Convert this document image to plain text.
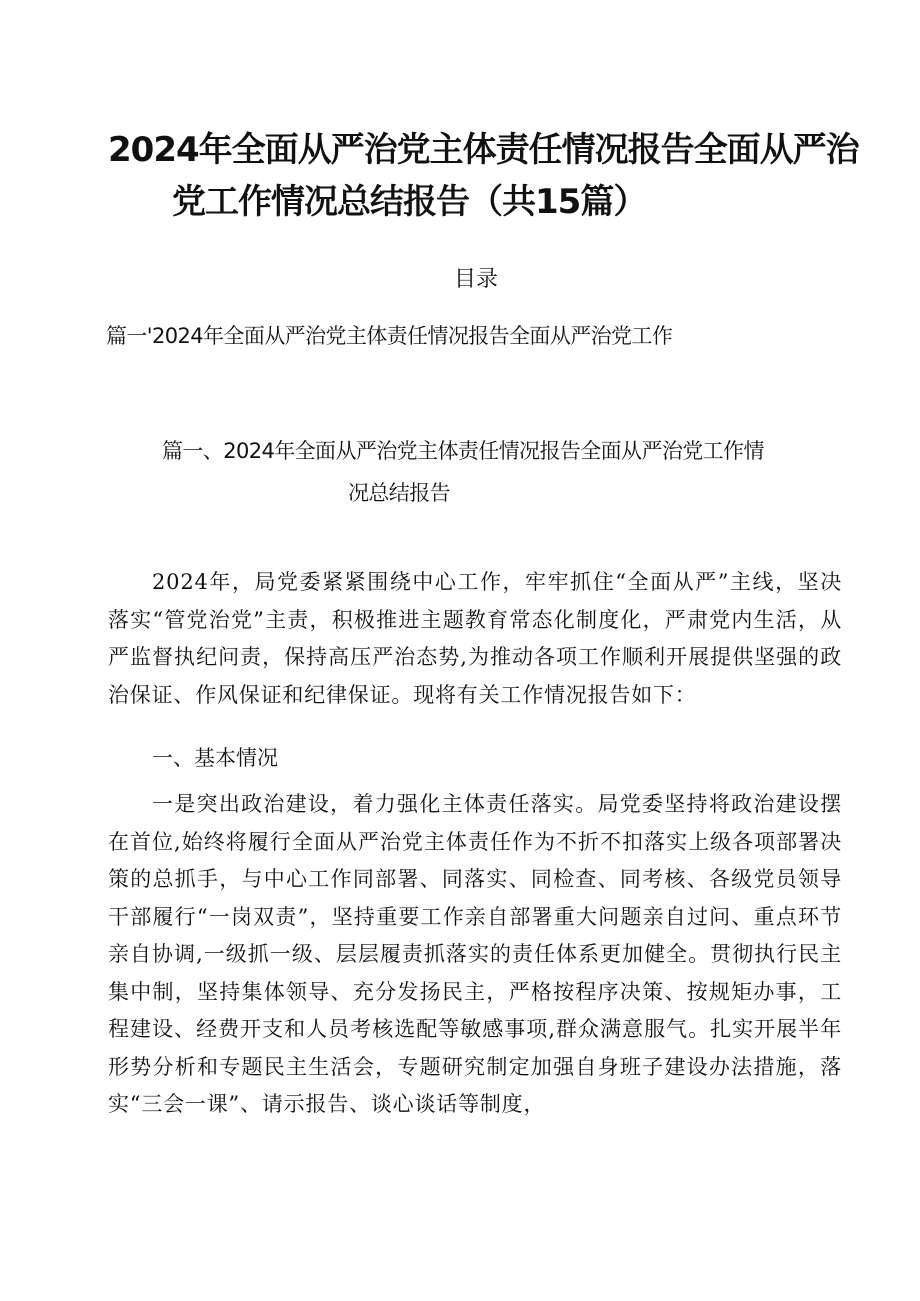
2024年全面从严治党主体责任情况报告全面从严治
党工作情况总结报告（共15篇）
目录
篇一'2024年全面从严治党主体责任情况报告全面从严治党工作
篇一、2024年全面从严治党主体责任情况报告全面从严治党工作情
况总结报告

2024年，局党委紧紧围绕中心工作，牢牢抓住“全面从严”主线，坚决落实“管党治党”主责，积极推进主题教育常态化制度化，严肃党内生活，从严监督执纪问责，保持高压严治态势,为推动各项工作顺利开展提供坚强的政治保证、作风保证和纪律保证。现将有关工作情况报告如下：

一、基本情况

一是突出政治建设，着力强化主体责任落实。局党委坚持将政治建设摆在首位,始终将履行全面从严治党主体责任作为不折不扣落实上级各项部署决策的总抓手，与中心工作同部署、同落实、同检查、同考核、各级党员领导干部履行“一岗双责”，坚持重要工作亲自部署重大问题亲自过问、重点环节亲自协调,一级抓一级、层层履责抓落实的责任体系更加健全。贯彻执行民主集中制，坚持集体领导、充分发扬民主，严格按程序决策、按规矩办事，工程建设、经费开支和人员考核选配等敏感事项,群众满意服气。扎实开展半年形势分析和专题民主生活会，专题研究制定加强自身班子建设办法措施，落实“三会一课”、请示报告、谈心谈话等制度，
